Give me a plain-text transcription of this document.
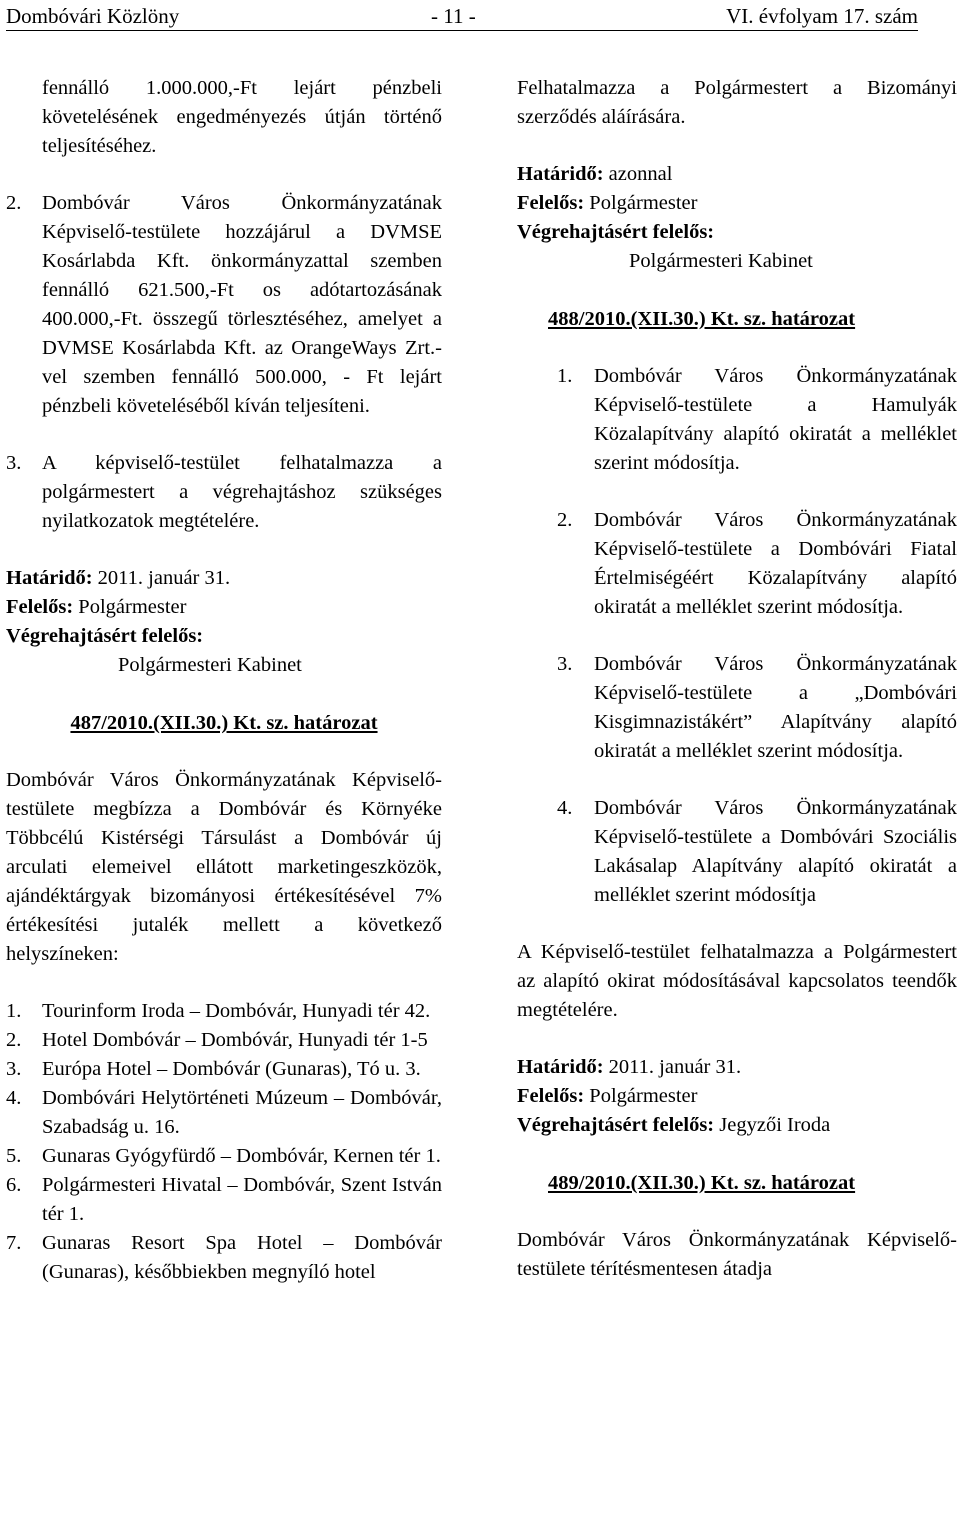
Dombóvári Közlöny	- 11 -	VI. évfolyam 17. szám

fennálló 1.000.000,-Ft lejárt pénzbeli követelésének engedményezés útján történő teljesítéséhez.

2.	Dombóvár Város Önkormányzatának Képviselő-testülete hozzájárul a DVMSE Kosárlabda Kft. önkormányzattal szemben fennálló 621.500,-Ft os adótartozásának 400.000,-Ft. összegű törlesztéséhez, amelyet a DVMSE Kosárlabda Kft. az OrangeWays Zrt.-vel szemben fennálló 500.000, - Ft lejárt pénzbeli követeléséből kíván teljesíteni.
3.	A képviselő-testület felhatalmazza a polgármestert a végrehajtáshoz szükséges nyilatkozatok megtételére.
Határidő: 2011. január 31.
Felelős: Polgármester
Végrehajtásért felelős:
Polgármesteri Kabinet
487/2010.(XII.30.) Kt. sz. határozat

Dombóvár Város Önkormányzatának Képviselő-testülete megbízza a Dombóvár és Környéke Többcélú Kistérségi Társulást a Dombóvár új arculati elemeivel ellátott marketingeszközök, ajándéktárgyak bizományosi értékesítésével 7% értékesítési jutalék mellett a következő helyszíneken:

1.	Tourinform Iroda – Dombóvár, Hunyadi tér 42.
2.	Hotel Dombóvár – Dombóvár, Hunyadi tér 1-5
3.	Európa Hotel – Dombóvár (Gunaras), Tó u. 3.
4.	Dombóvári Helytörténeti Múzeum – Dombóvár, Szabadság u. 16.
5.	Gunaras Gyógyfürdő – Dombóvár, Kernen tér 1.
6.	Polgármesteri Hivatal – Dombóvár, Szent István tér 1.
7.	Gunaras Resort Spa Hotel – Dombóvár (Gunaras), későbbiekben megnyíló hotel

Felhatalmazza a Polgármestert a Bizományi szerződés aláírására.

Határidő: azonnal
Felelős: Polgármester
Végrehajtásért felelős:
Polgármesteri Kabinet
488/2010.(XII.30.) Kt. sz. határozat
1.	Dombóvár Város Önkormányzatának Képviselő-testülete a Hamulyák Közalapítvány alapító okiratát a melléklet szerint módosítja.
2.	Dombóvár Város Önkormányzatának Képviselő-testülete a Dombóvári Fiatal Értelmiségéért Közalapítvány alapító okiratát a melléklet szerint módosítja.
3.	Dombóvár Város Önkormányzatának Képviselő-testülete a „Dombóvári Kisgimnazistákért” Alapítvány alapító okiratát a melléklet szerint módosítja.
4.	Dombóvár Város Önkormányzatának Képviselő-testülete a Dombóvári Szociális Lakásalap Alapítvány alapító okiratát a melléklet szerint módosítja

A Képviselő-testület felhatalmazza a Polgármestert az alapító okirat módosításával kapcsolatos teendők megtételére.

Határidő: 2011. január 31.
Felelős: Polgármester
Végrehajtásért felelős: Jegyzői Iroda
489/2010.(XII.30.) Kt. sz. határozat

Dombóvár Város Önkormányzatának Képviselő-testülete térítésmentesen átadja
